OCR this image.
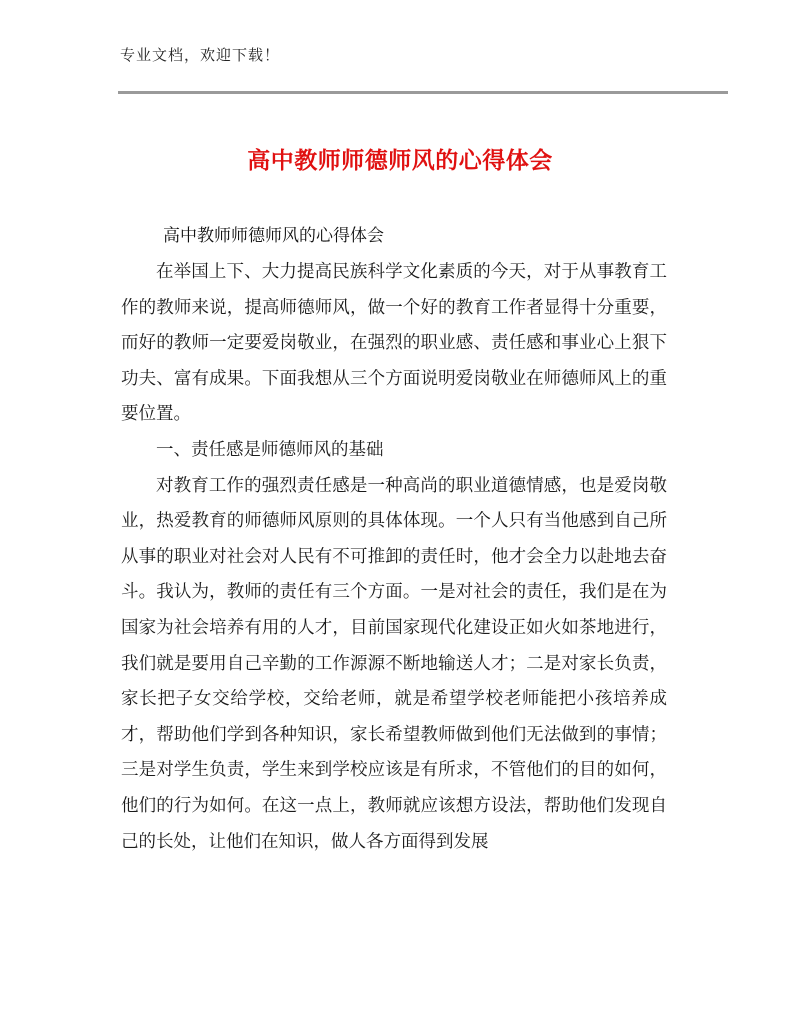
专业文档，欢迎下载！
高中教师师德师风的心得体会
高中教师师德师风的心得体会

在举国上下、大力提高民族科学文化素质的今天，对于从事教育工作的教师来说，提高师德师风，做一个好的教育工作者显得十分重要，而好的教师一定要爱岗敬业，在强烈的职业感、责任感和事业心上狠下功夫、富有成果。下面我想从三个方面说明爱岗敬业在师德师风上的重要位置。

一、责任感是师德师风的基础

对教育工作的强烈责任感是一种高尚的职业道德情感，也是爱岗敬业，热爱教育的师德师风原则的具体体现。一个人只有当他感到自己所从事的职业对社会对人民有不可推卸的责任时，他才会全力以赴地去奋斗。我认为，教师的责任有三个方面。一是对社会的责任，我们是在为国家为社会培养有用的人才，目前国家现代化建设正如火如茶地进行，我们就是要用自己辛勤的工作源源不断地输送人才；二是对家长负责，家长把子女交给学校，交给老师，就是希望学校老师能把小孩培养成才，帮助他们学到各种知识，家长希望教师做到他们无法做到的事情；三是对学生负责，学生来到学校应该是有所求，不管他们的目的如何，他们的行为如何。在这一点上，教师就应该想方设法，帮助他们发现自己的长处，让他们在知识，做人各方面得到发展
